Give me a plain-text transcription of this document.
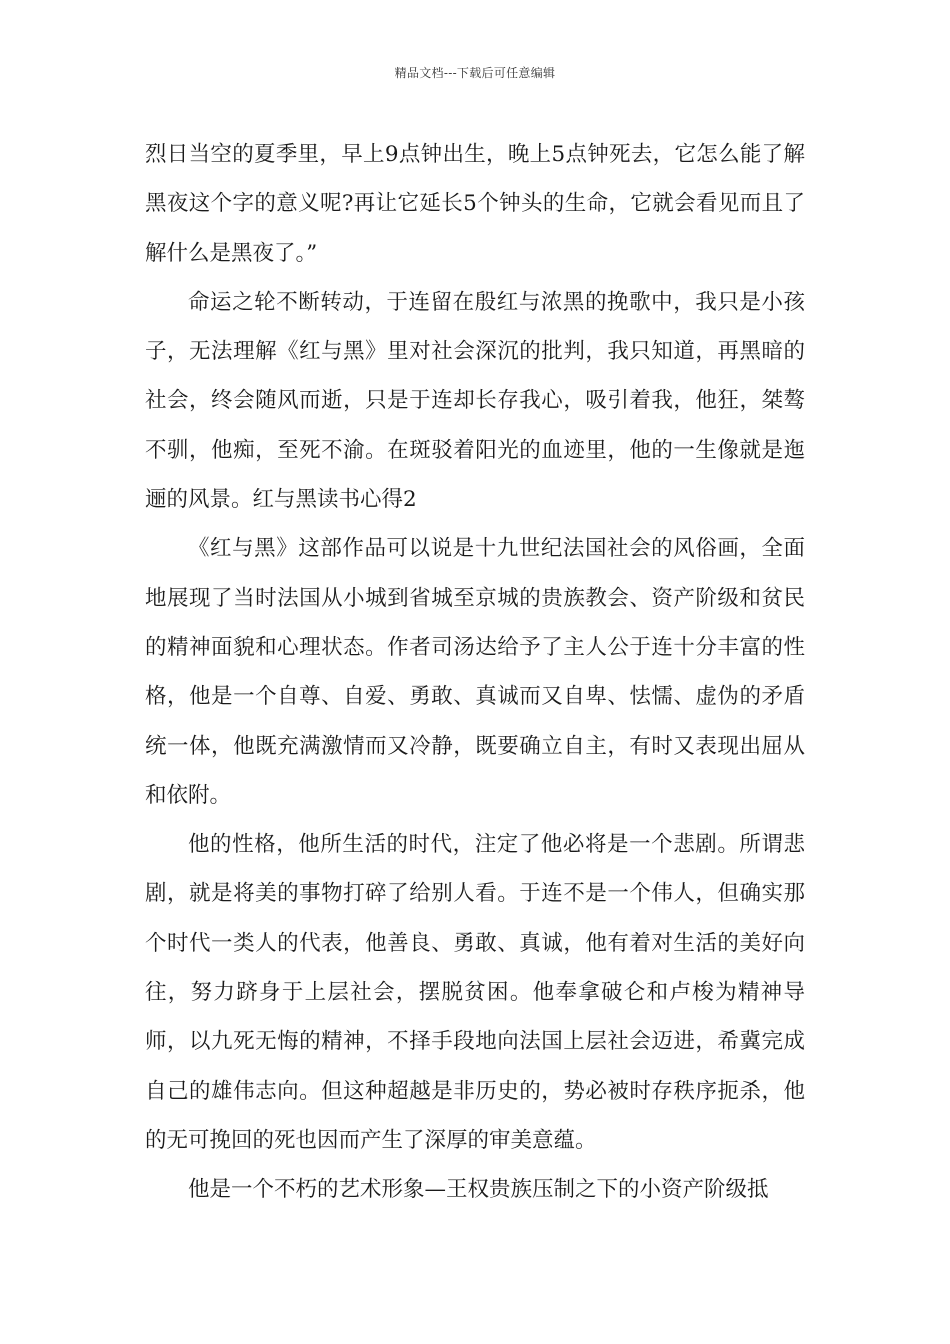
精品文档---下载后可任意编辑

烈日当空的夏季里，早上9点钟出生，晚上5点钟死去，它怎么能了解黑夜这个字的意义呢?再让它延长5个钟头的生命，它就会看见而且了解什么是黑夜了。”

命运之轮不断转动，于连留在殷红与浓黑的挽歌中，我只是小孩子，无法理解《红与黑》里对社会深沉的批判，我只知道，再黑暗的社会，终会随风而逝，只是于连却长存我心，吸引着我，他狂，桀骜不驯，他痴，至死不渝。在斑驳着阳光的血迹里，他的一生像就是迤逦的风景。红与黑读书心得2

《红与黑》这部作品可以说是十九世纪法国社会的风俗画，全面地展现了当时法国从小城到省城至京城的贵族教会、资产阶级和贫民的精神面貌和心理状态。作者司汤达给予了主人公于连十分丰富的性格，他是一个自尊、自爱、勇敢、真诚而又自卑、怯懦、虚伪的矛盾统一体，他既充满激情而又冷静，既要确立自主，有时又表现出屈从和依附。

他的性格，他所生活的时代，注定了他必将是一个悲剧。所谓悲剧，就是将美的事物打碎了给别人看。于连不是一个伟人，但确实那个时代一类人的代表，他善良、勇敢、真诚，他有着对生活的美好向往，努力跻身于上层社会，摆脱贫困。他奉拿破仑和卢梭为精神导师，以九死无悔的精神，不择手段地向法国上层社会迈进，希冀完成自己的雄伟志向。但这种超越是非历史的，势必被时存秩序扼杀，他的无可挽回的死也因而产生了深厚的审美意蕴。

他是一个不朽的艺术形象—王权贵族压制之下的小资产阶级抵
